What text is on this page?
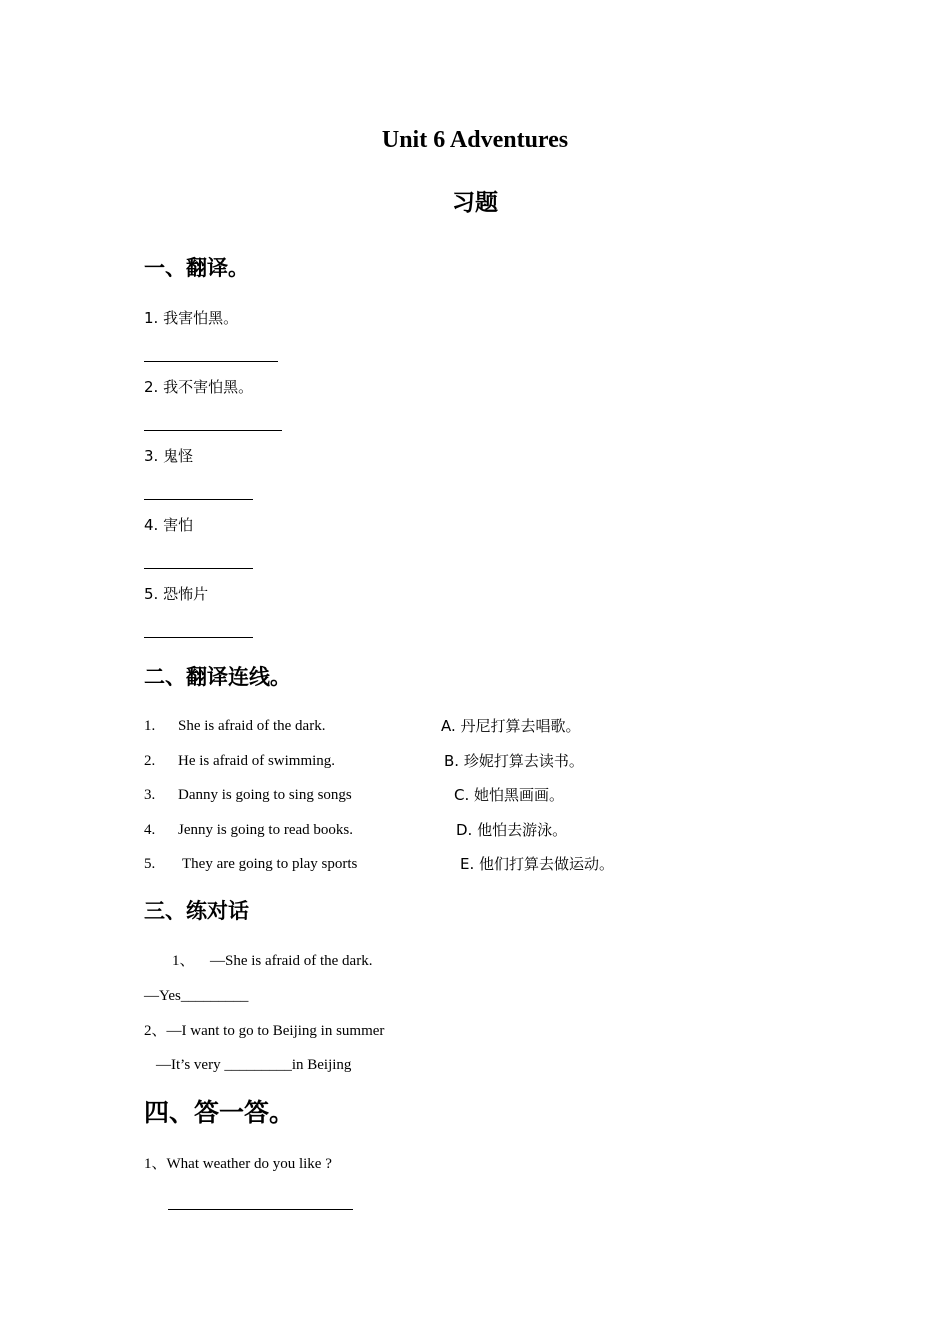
Unit 6 Adventures
习题
一、翻译。
1. 我害怕黑。
2. 我不害怕黑。
3. 鬼怪
4. 害怕
5. 恐怖片
二、翻译连线。
1. She is afraid of the dark.	A. 丹尼打算去唱歌。
2. He is afraid of swimming.	B. 珍妮打算去读书。
3. Danny is going to sing songs	C. 她怕黑画画。
4. Jenny is going to read books.	D. 他怕去游泳。
5. They are going to play sports	E. 他们打算去做运动。
三、练对话
1、 —She is afraid of the dark.
—Yes_________
2、—I want to go to Beijing in summer
—It’s very _________in Beijing
四、答一答。
1、What weather do you like ?
